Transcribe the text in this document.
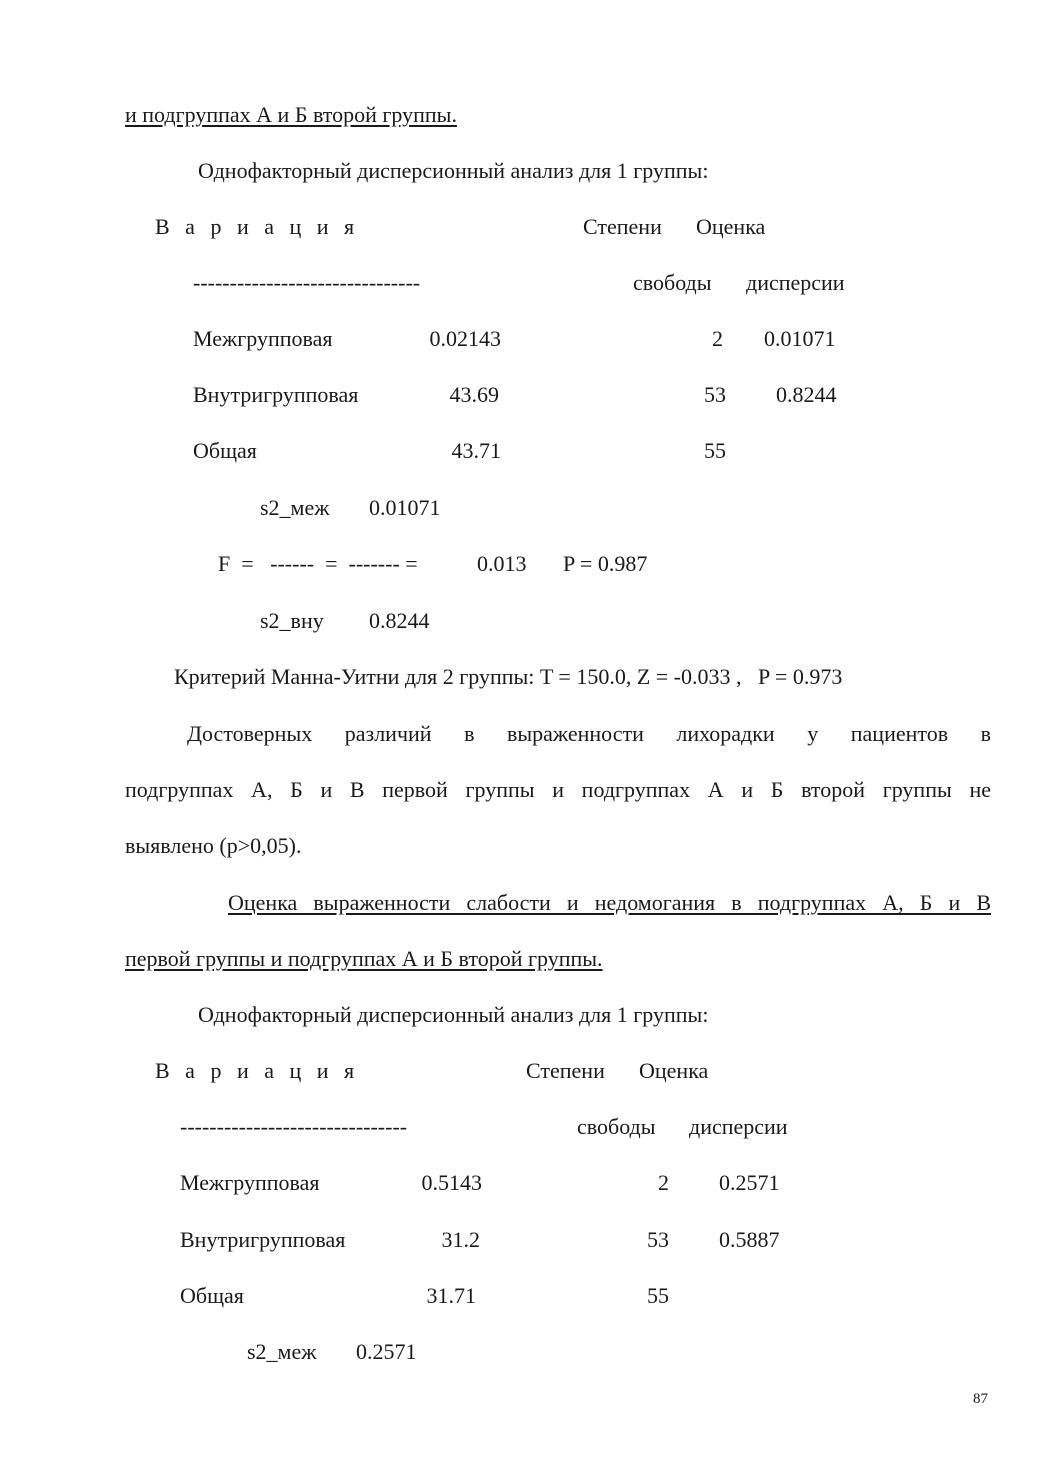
и подгруппах А и Б второй группы.
Однофакторный дисперсионный анализ для 1 группы:
В а р и а ц и я	Степени Оценка
-------------------------------	свободы дисперсии
Межгрупповая	0.02143	2 0.01071
Внутригрупповая	43.69	53 0.8244
Общая	43.71	55
s2_меж 0.01071
F  =   ------  =  ------- =	0.013 P = 0.987
s2_вну 0.8244
Критерий Манна-Уитни для 2 группы: T = 150.0, Z = -0.033 ,   P = 0.973
Достоверных различий в выраженности лихорадки у пациентов в
подгруппах А, Б и В первой группы и подгруппах А и Б второй группы не
выявлено (р>0,05).
Оценка выраженности слабости и недомогания в подгруппах А, Б и В
первой группы и подгруппах А и Б второй группы.
Однофакторный дисперсионный анализ для 1 группы:
В а р и а ц и я	Степени Оценка
-------------------------------	свободы дисперсии
Межгрупповая	0.5143	2 0.2571
Внутригрупповая	31.2	53 0.5887
Общая	31.71	55
s2_меж 0.2571
87
